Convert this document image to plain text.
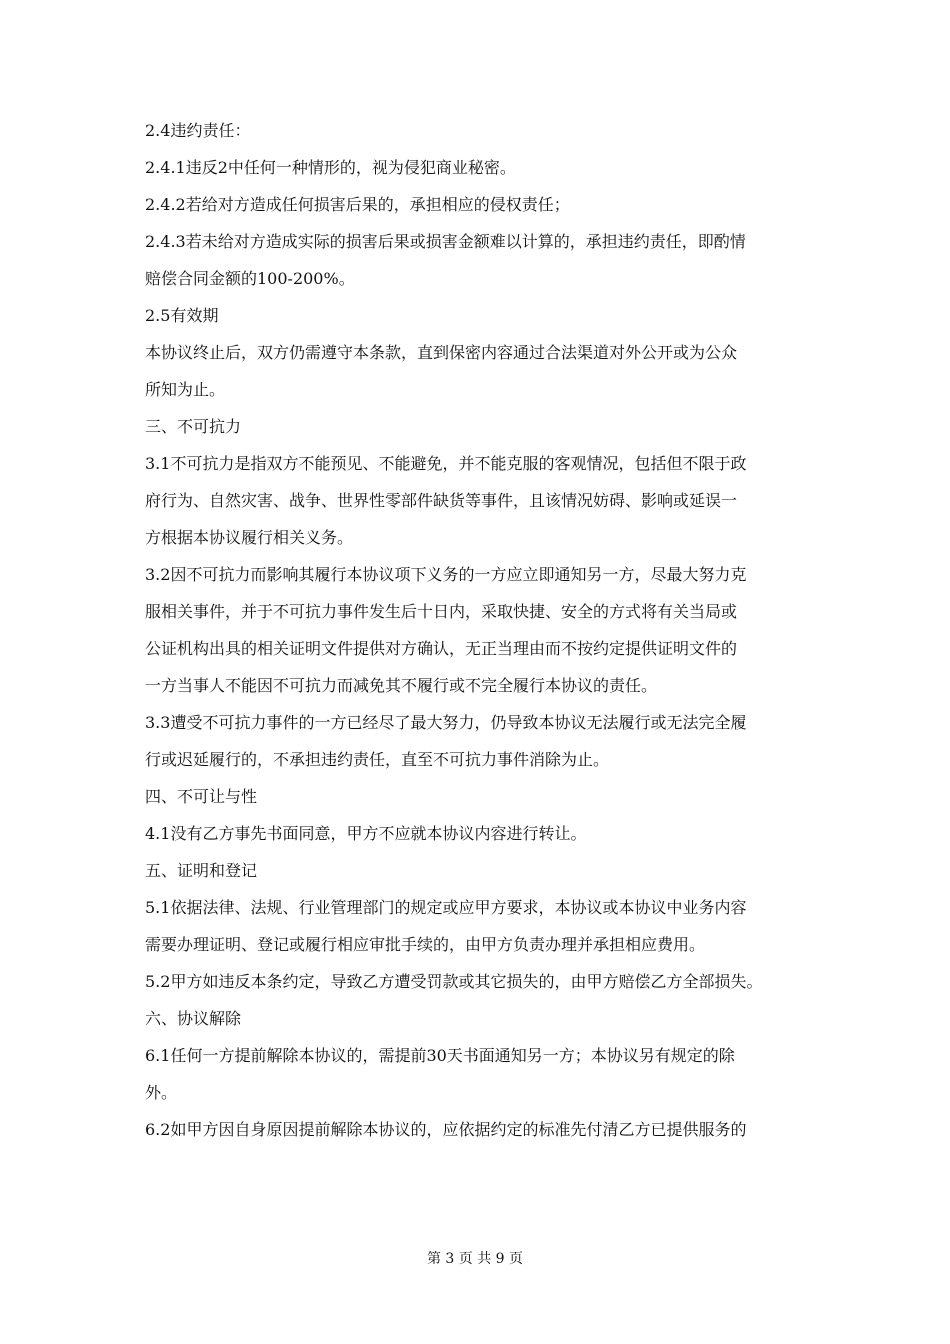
2.4违约责任：
2.4.1违反2中任何一种情形的，视为侵犯商业秘密。
2.4.2若给对方造成任何损害后果的，承担相应的侵权责任；
2.4.3若未给对方造成实际的损害后果或损害金额难以计算的，承担违约责任，即酌情
赔偿合同金额的100-200%。
2.5有效期
本协议终止后，双方仍需遵守本条款，直到保密内容通过合法渠道对外公开或为公众
所知为止。
三、不可抗力
3.1不可抗力是指双方不能预见、不能避免，并不能克服的客观情况，包括但不限于政
府行为、自然灾害、战争、世界性零部件缺货等事件，且该情况妨碍、影响或延误一
方根据本协议履行相关义务。
3.2因不可抗力而影响其履行本协议项下义务的一方应立即通知另一方，尽最大努力克
服相关事件，并于不可抗力事件发生后十日内，采取快捷、安全的方式将有关当局或
公证机构出具的相关证明文件提供对方确认，无正当理由而不按约定提供证明文件的
一方当事人不能因不可抗力而减免其不履行或不完全履行本协议的责任。
3.3遭受不可抗力事件的一方已经尽了最大努力，仍导致本协议无法履行或无法完全履
行或迟延履行的，不承担违约责任，直至不可抗力事件消除为止。
四、不可让与性
4.1没有乙方事先书面同意，甲方不应就本协议内容进行转让。
五、证明和登记
5.1依据法律、法规、行业管理部门的规定或应甲方要求，本协议或本协议中业务内容
需要办理证明、登记或履行相应审批手续的，由甲方负责办理并承担相应费用。
5.2甲方如违反本条约定，导致乙方遭受罚款或其它损失的，由甲方赔偿乙方全部损失。
六、协议解除
6.1任何一方提前解除本协议的，需提前30天书面通知另一方；本协议另有规定的除
外。
6.2如甲方因自身原因提前解除本协议的，应依据约定的标准先付清乙方已提供服务的
第 3 页 共 9 页
